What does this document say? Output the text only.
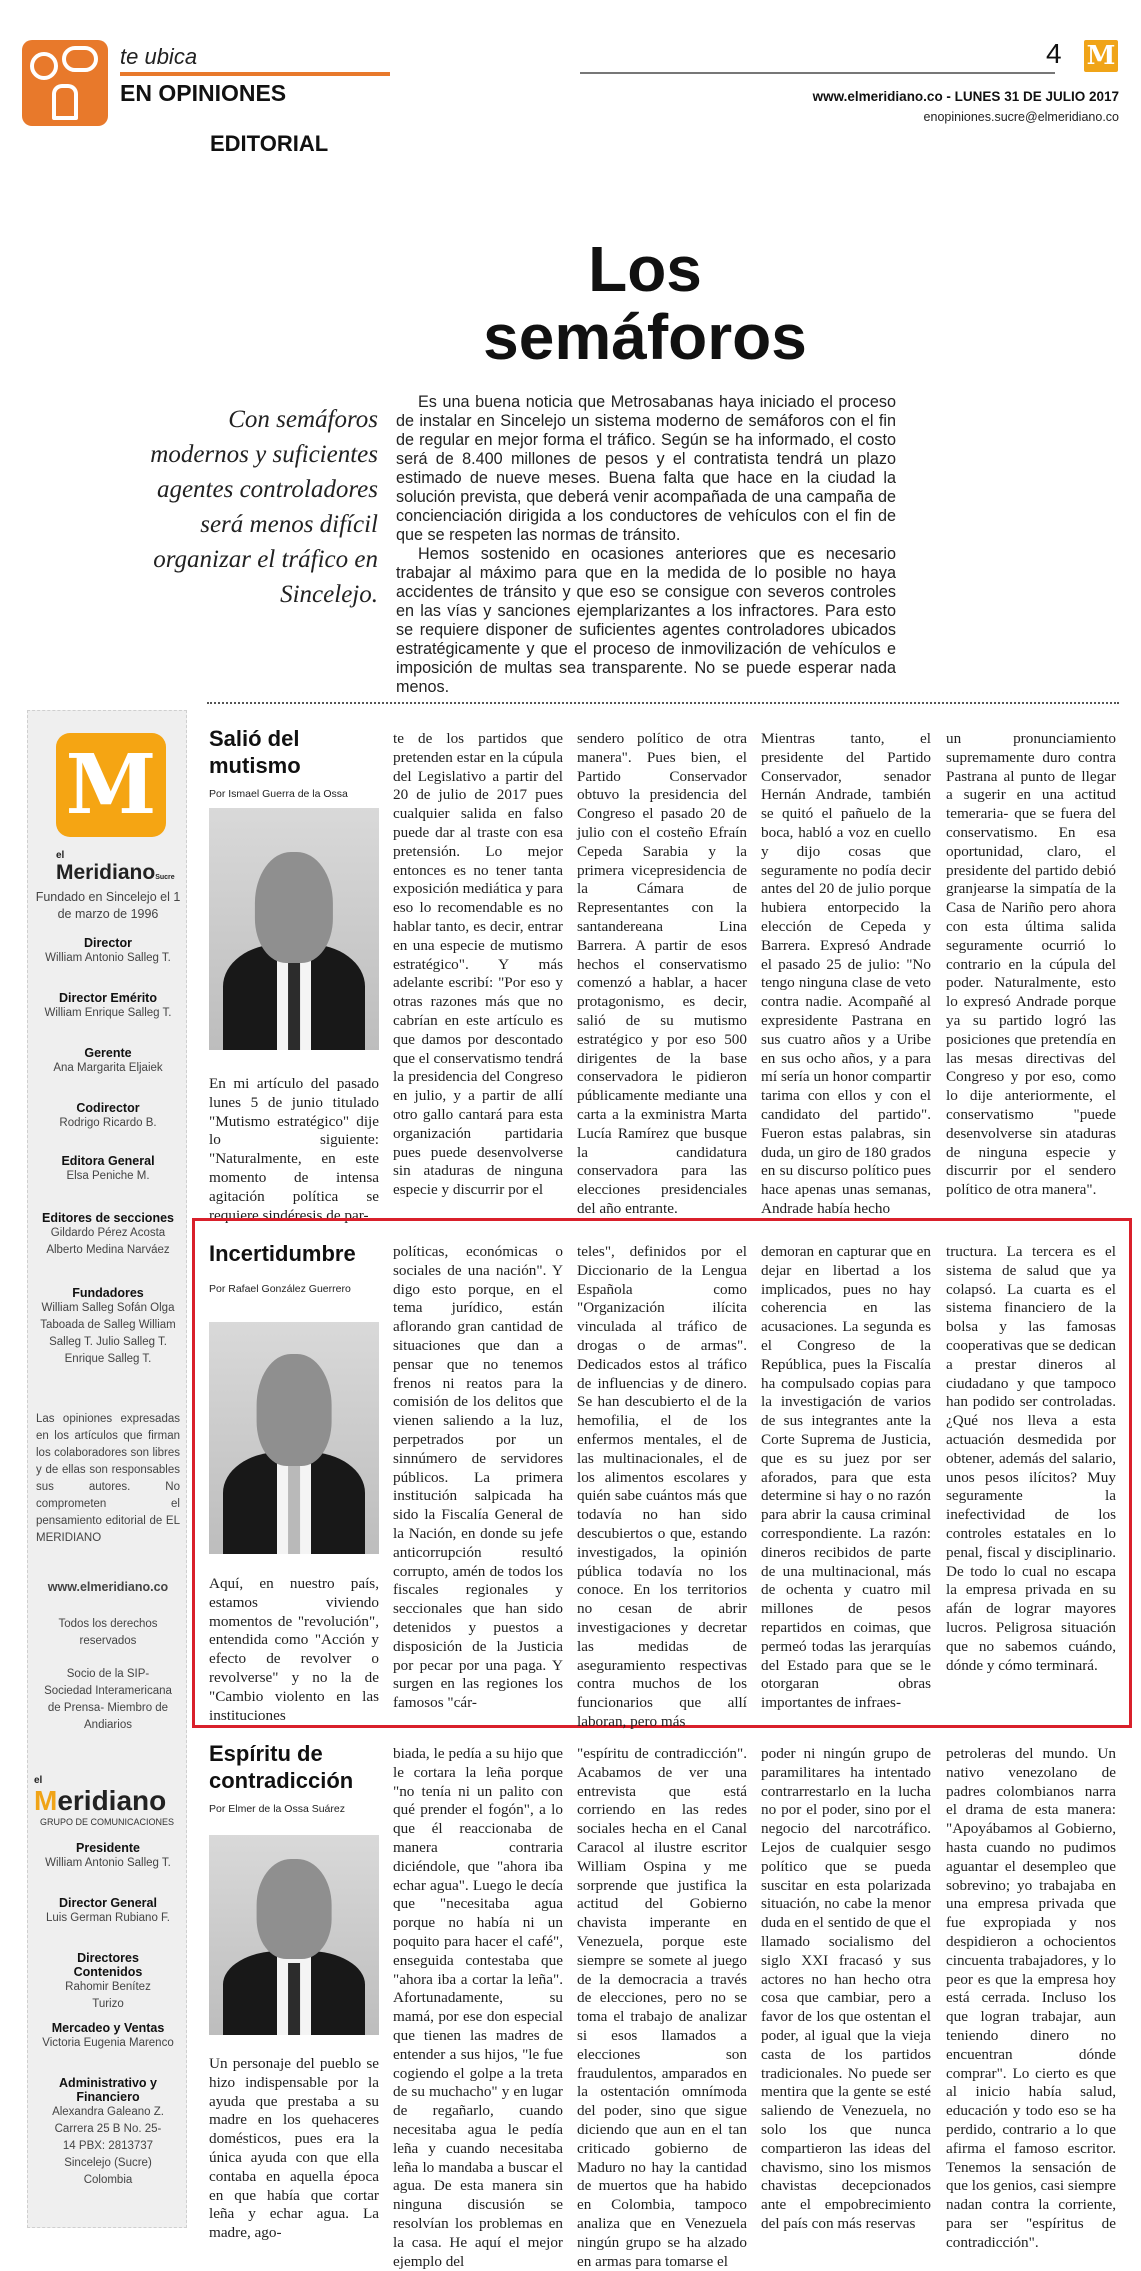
te ubica
EN OPINIONES
EDITORIAL
4 M
www.elmeridiano.co - LUNES 31 DE JULIO 2017
enopiniones.sucre@elmeridiano.co
Los
semáforos
Con semáforos modernos y suficientes agentes controladores será menos difícil organizar el tráfico en Sincelejo.

Es una buena noticia que Metrosabanas haya iniciado el proceso de instalar en Sincelejo un sistema moderno de semáforos con el fin de regular en mejor forma el tráfico. Según se ha informado, el costo será de 8.400 millones de pesos y el contratista tendrá un plazo estimado de nueve meses. Buena falta que hace en la ciudad la solución prevista, que deberá venir acompañada de una campaña de concienciación dirigida a los conductores de vehículos con el fin de que se respeten las normas de tránsito.

Hemos sostenido en ocasiones anteriores que es necesario trabajar al máximo para que en la medida de lo posible no haya accidentes de tránsito y que eso se consigue con severos controles en las vías y sanciones ejemplarizantes a los infractores. Para esto se requiere disponer de suficientes agentes controladores ubicados estratégicamente y que el proceso de inmovilización de vehículos e imposición de multas sea transparente. No se puede esperar nada menos.

M
el
MeridianoSucre
Fundado en Sincelejo el 1 de marzo de 1996
Director
William Antonio Salleg T.
Director Emérito
William Enrique Salleg T.
Gerente
Ana Margarita Eljaiek
Codirector
Rodrigo Ricardo B.
Editora General
Elsa Peniche M.
Editores de secciones
Gildardo Pérez Acosta Alberto Medina Narváez
Fundadores
William Salleg Sofán Olga Taboada de Salleg William Salleg T. Julio Salleg T. Enrique Salleg T.
Las opiniones expresadas en los artículos que firman los colaboradores son libres y de ellas son responsables sus autores. No comprometen el pensamiento editorial de EL MERIDIANO
www.elmeridiano.co
Todos los derechos reservados
Socio de la SIP- Sociedad Interamericana de Prensa- Miembro de Andiarios
el
Meridiano
GRUPO DE COMUNICACIONES
Presidente
William Antonio Salleg T.
Director General
Luis German Rubiano F.
Directores Contenidos
Rahomir Benítez Turizo
Mercadeo y Ventas
Victoria Eugenia Marenco
Administrativo y Financiero
Alexandra Galeano Z. Carrera 25 B No. 25-14 PBX: 2813737 Sincelejo (Sucre) Colombia
Salió del mutismo
Por Ismael Guerra de la Ossa
En mi artículo del pasado lunes 5 de junio titulado "Mutismo estratégico" dije lo siguiente: "Naturalmente, en este momento de intensa agitación política se requiere sindéresis de par-
te de los partidos que pretenden estar en la cúpula del Legislativo a partir del 20 de julio de 2017 pues cualquier salida en falso puede dar al traste con esa pretensión. Lo mejor entonces es no tener tanta exposición mediática y para eso lo recomendable es no hablar tanto, es decir, entrar en una especie de mutismo estratégico". Y más adelante escribí: "Por eso y otras razones más que no cabrían en este artículo es que damos por descontado que el conservatismo tendrá la presidencia del Congreso en julio, y a partir de allí otro gallo cantará para esta organización partidaria pues puede desenvolverse sin ataduras de ninguna especie y discurrir por el
sendero político de otra manera". Pues bien, el Partido Conservador obtuvo la presidencia del Congreso el pasado 20 de julio con el costeño Efraín Cepeda Sarabia y la primera vicepresidencia de la Cámara de Representantes con la santandereana Lina Barrera. A partir de esos hechos el conservatismo comenzó a hablar, a hacer protagonismo, es decir, salió de su mutismo estratégico y por eso 500 dirigentes de la base conservadora le pidieron públicamente mediante una carta a la exministra Marta Lucía Ramírez que busque la candidatura conservadora para las elecciones presidenciales del año entrante.
Mientras tanto, el presidente del Partido Conservador, senador Hernán Andrade, también se quitó el pañuelo de la boca, habló a voz en cuello y dijo cosas que seguramente no podía decir antes del 20 de julio porque hubiera entorpecido la elección de Cepeda y Barrera. Expresó Andrade el pasado 25 de julio: "No tengo ninguna clase de veto contra nadie. Acompañé al expresidente Pastrana en sus cuatro años y a Uribe en sus ocho años, y a para mí sería un honor compartir tarima con ellos y con el candidato del partido". Fueron estas palabras, sin duda, un giro de 180 grados en su discurso político pues hace apenas unas semanas, Andrade había hecho
un pronunciamiento supremamente duro contra Pastrana al punto de llegar a sugerir en una actitud temeraria- que se fuera del conservatismo. En esa oportunidad, claro, el presidente del partido debió granjearse la simpatía de la Casa de Nariño pero ahora con esta última salida seguramente ocurrió lo contrario en la cúpula del poder. Naturalmente, esto lo expresó Andrade porque ya su partido logró las posiciones que pretendía en las mesas directivas del Congreso y por eso, como lo dije anteriormente, el conservatismo "puede desenvolverse sin ataduras de ninguna especie y discurrir por el sendero político de otra manera".
Incertidumbre
Por Rafael González Guerrero
Aquí, en nuestro país, estamos viviendo momentos de "revolución", entendida como "Acción y efecto de revolver o revolverse" y no la de "Cambio violento en las instituciones
políticas, económicas o sociales de una nación". Y digo esto porque, en el tema jurídico, están aflorando gran cantidad de situaciones que dan a pensar que no tenemos frenos ni reatos para la comisión de los delitos que vienen saliendo a la luz, perpetrados por un sinnúmero de servidores públicos. La primera institución salpicada ha sido la Fiscalía General de la Nación, en donde su jefe anticorrupción resultó corrupto, amén de todos los fiscales regionales y seccionales que han sido detenidos y puestos a disposición de la Justicia por pecar por una paga. Y surgen en las regiones los famosos "cár-
teles", definidos por el Diccionario de la Lengua Española como "Organización ilícita vinculada al tráfico de drogas o de armas". Dedicados estos al tráfico de influencias y de dinero. Se han descubierto el de la hemofilia, el de los enfermos mentales, el de las multinacionales, el de los alimentos escolares y quién sabe cuántos más que todavía no han sido descubiertos o que, estando investigados, la opinión pública todavía no los conoce. En los territorios no cesan de abrir investigaciones y decretar las medidas de aseguramiento respectivas contra muchos de los funcionarios que allí laboran, pero más
demoran en capturar que en dejar en libertad a los implicados, pues no hay coherencia en las acusaciones. La segunda es el Congreso de la República, pues la Fiscalía ha compulsado copias para la investigación de varios de sus integrantes ante la Corte Suprema de Justicia, que es su juez por ser aforados, para que esta determine si hay o no razón para abrir la causa criminal correspondiente. La razón: dineros recibidos de parte de una multinacional, más de ochenta y cuatro mil millones de pesos repartidos en coimas, que permeó todas las jerarquías del Estado para que se le otorgaran obras importantes de infraes-
tructura. La tercera es el sistema de salud que ya colapsó. La cuarta es el sistema financiero de la bolsa y las famosas cooperativas que se dedican a prestar dineros al ciudadano y que tampoco han podido ser controladas. ¿Qué nos lleva a esta actuación desmedida por obtener, además del salario, unos pesos ilícitos? Muy seguramente la inefectividad de los controles estatales en lo penal, fiscal y disciplinario. De todo lo cual no escapa la empresa privada en su afán de lograr mayores lucros. Peligrosa situación que no sabemos cuándo, dónde y cómo terminará.
Espíritu de contradicción
Por Elmer de la Ossa Suárez
Un personaje del pueblo se hizo indispensable por la ayuda que prestaba a su madre en los quehaceres domésticos, pues era la única ayuda con que ella contaba en aquella época en que había que cortar leña y echar agua. La madre, ago-
biada, le pedía a su hijo que le cortara la leña porque "no tenía ni un palito con qué prender el fogón", a lo que él reaccionaba de manera contraria diciéndole, que "ahora iba echar agua". Luego le decía que "necesitaba agua porque no había ni un poquito para hacer el café", enseguida contestaba que "ahora iba a cortar la leña". Afortunadamente, su mamá, por ese don especial que tienen las madres de entender a sus hijos, "le fue cogiendo el golpe a la treta de su muchacho" y en lugar de regañarlo, cuando necesitaba agua le pedía leña y cuando necesitaba leña lo mandaba a buscar el agua. De esta manera sin ninguna discusión se resolvían los problemas en la casa. He aquí el mejor ejemplo del
"espíritu de contradicción". Acabamos de ver una entrevista que está corriendo en las redes sociales hecha en el Canal Caracol al ilustre escritor William Ospina y me sorprende que justifica la actitud del Gobierno chavista imperante en Venezuela, porque este siempre se somete al juego de la democracia a través de elecciones, pero no se toma el trabajo de analizar si esos llamados a elecciones son fraudulentos, amparados en la ostentación omnímoda del poder, sino que sigue diciendo que aun en el tan criticado gobierno de Maduro no hay la cantidad de muertos que ha habido en Colombia, tampoco analiza que en Venezuela ningún grupo se ha alzado en armas para tomarse el
poder ni ningún grupo de paramilitares ha intentado contrarrestarlo en la lucha no por el poder, sino por el negocio del narcotráfico. Lejos de cualquier sesgo político que se pueda suscitar en esta polarizada situación, no cabe la menor duda en el sentido de que el llamado socialismo del siglo XXI fracasó y sus actores no han hecho otra cosa que cambiar, pero a favor de los que ostentan el poder, al igual que la vieja casta de los partidos tradicionales. No puede ser mentira que la gente se esté saliendo de Venezuela, no solo los que nunca compartieron las ideas del chavismo, sino los mismos chavistas decepcionados ante el empobrecimiento del país con más reservas
petroleras del mundo. Un nativo venezolano de padres colombianos narra el drama de esta manera: "Apoyábamos al Gobierno, hasta cuando no pudimos aguantar el desempleo que sobrevino; yo trabajaba en una empresa privada que fue expropiada y nos despidieron a ochocientos cincuenta trabajadores, y lo peor es que la empresa hoy está cerrada. Incluso los que logran trabajar, aun teniendo dinero no encuentran dónde comprar". Lo cierto es que al inicio había salud, educación y todo eso se ha perdido, contrario a lo que afirma el famoso escritor. Tenemos la sensación de que los genios, casi siempre nadan contra la corriente, para ser "espíritus de contradicción".
